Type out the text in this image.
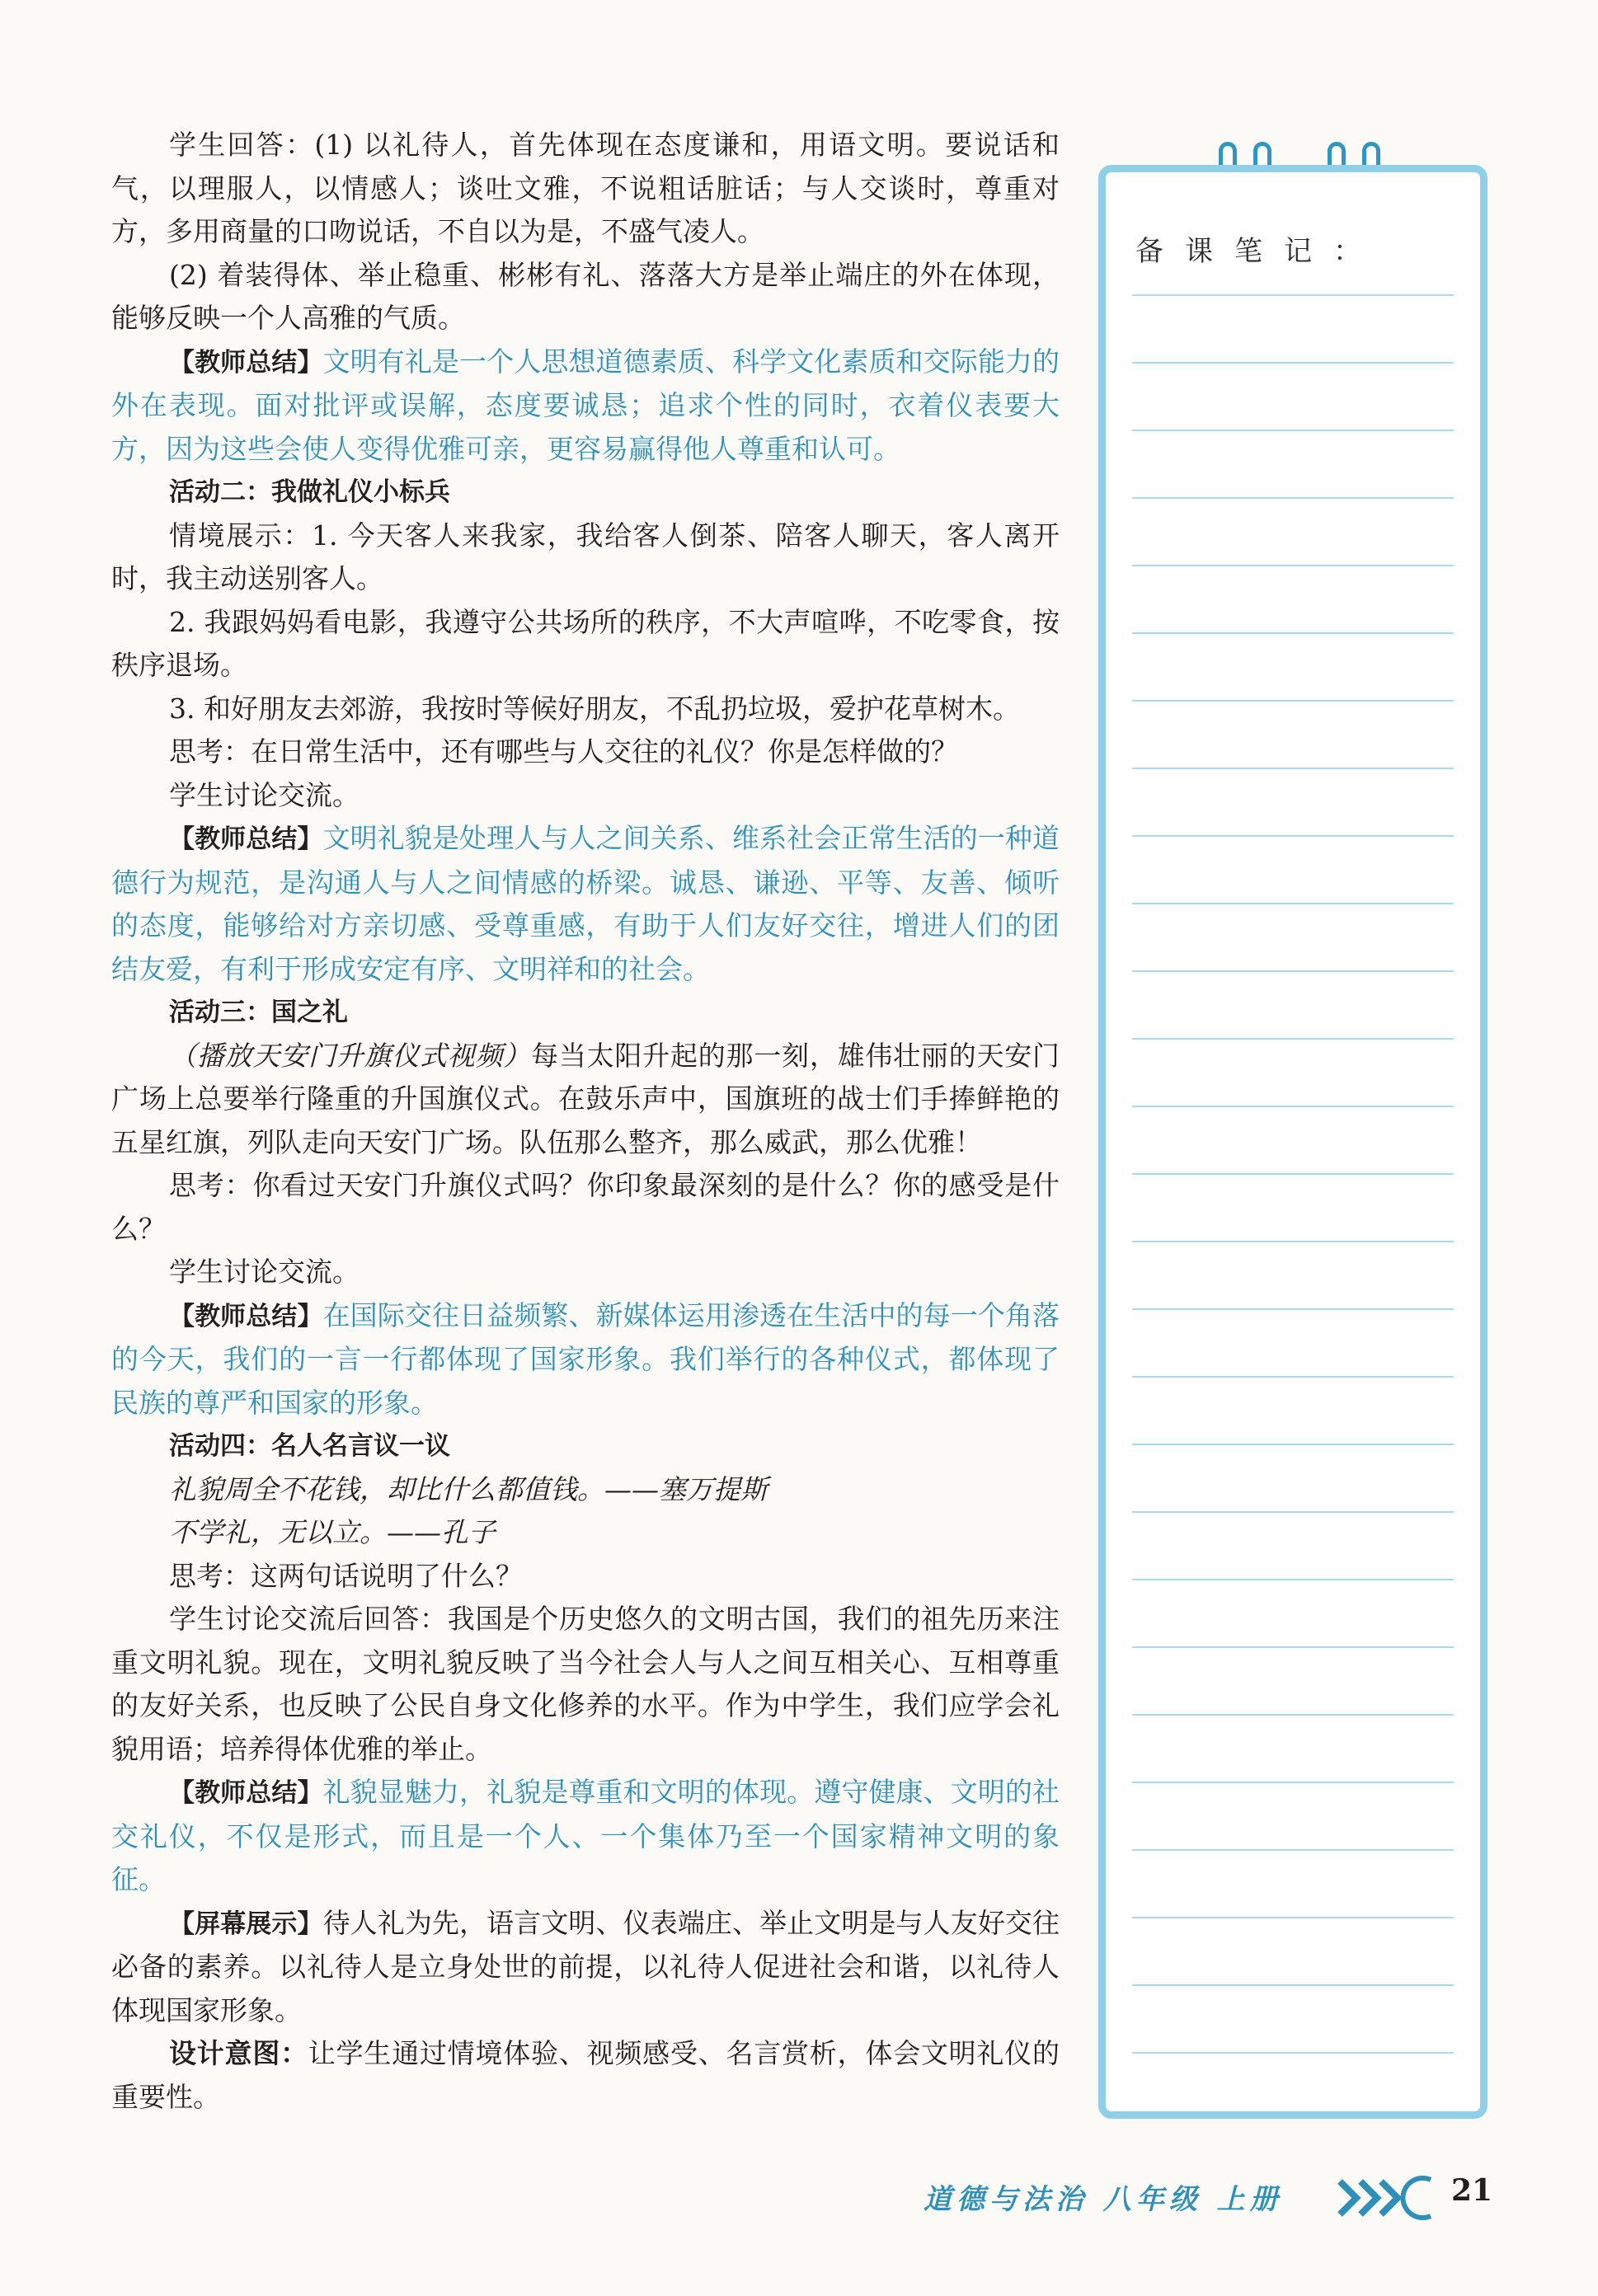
学生回答：(1) 以礼待人，首先体现在态度谦和，用语文明。要说话和气，以理服人，以情感人；谈吐文雅，不说粗话脏话；与人交谈时，尊重对方，多用商量的口吻说话，不自以为是，不盛气凌人。

(2) 着装得体、举止稳重、彬彬有礼、落落大方是举止端庄的外在体现，能够反映一个人高雅的气质。

【教师总结】文明有礼是一个人思想道德素质、科学文化素质和交际能力的外在表现。面对批评或误解，态度要诚恳；追求个性的同时，衣着仪表要大方，因为这些会使人变得优雅可亲，更容易赢得他人尊重和认可。

活动二：我做礼仪小标兵

情境展示：1. 今天客人来我家，我给客人倒茶、陪客人聊天，客人离开时，我主动送别客人。

2. 我跟妈妈看电影，我遵守公共场所的秩序，不大声喧哗，不吃零食，按秩序退场。

3. 和好朋友去郊游，我按时等候好朋友，不乱扔垃圾，爱护花草树木。

思考：在日常生活中，还有哪些与人交往的礼仪？你是怎样做的？

学生讨论交流。

【教师总结】文明礼貌是处理人与人之间关系、维系社会正常生活的一种道德行为规范，是沟通人与人之间情感的桥梁。诚恳、谦逊、平等、友善、倾听的态度，能够给对方亲切感、受尊重感，有助于人们友好交往，增进人们的团结友爱，有利于形成安定有序、文明祥和的社会。

活动三：国之礼

（播放天安门升旗仪式视频）每当太阳升起的那一刻，雄伟壮丽的天安门广场上总要举行隆重的升国旗仪式。在鼓乐声中，国旗班的战士们手捧鲜艳的五星红旗，列队走向天安门广场。队伍那么整齐，那么威武，那么优雅！

思考：你看过天安门升旗仪式吗？你印象最深刻的是什么？你的感受是什么？

学生讨论交流。

【教师总结】在国际交往日益频繁、新媒体运用渗透在生活中的每一个角落的今天，我们的一言一行都体现了国家形象。我们举行的各种仪式，都体现了民族的尊严和国家的形象。

活动四：名人名言议一议

礼貌周全不花钱，却比什么都值钱。——塞万提斯

不学礼，无以立。——孔子

思考：这两句话说明了什么？

学生讨论交流后回答：我国是个历史悠久的文明古国，我们的祖先历来注重文明礼貌。现在，文明礼貌反映了当今社会人与人之间互相关心、互相尊重的友好关系，也反映了公民自身文化修养的水平。作为中学生，我们应学会礼貌用语；培养得体优雅的举止。

【教师总结】礼貌显魅力，礼貌是尊重和文明的体现。遵守健康、文明的社交礼仪，不仅是形式，而且是一个人、一个集体乃至一个国家精神文明的象征。

【屏幕展示】待人礼为先，语言文明、仪表端庄、举止文明是与人友好交往必备的素养。以礼待人是立身处世的前提，以礼待人促进社会和谐，以礼待人体现国家形象。

设计意图：让学生通过情境体验、视频感受、名言赏析，体会文明礼仪的重要性。

备课笔记：
道德与法治 八年级 上册	21
